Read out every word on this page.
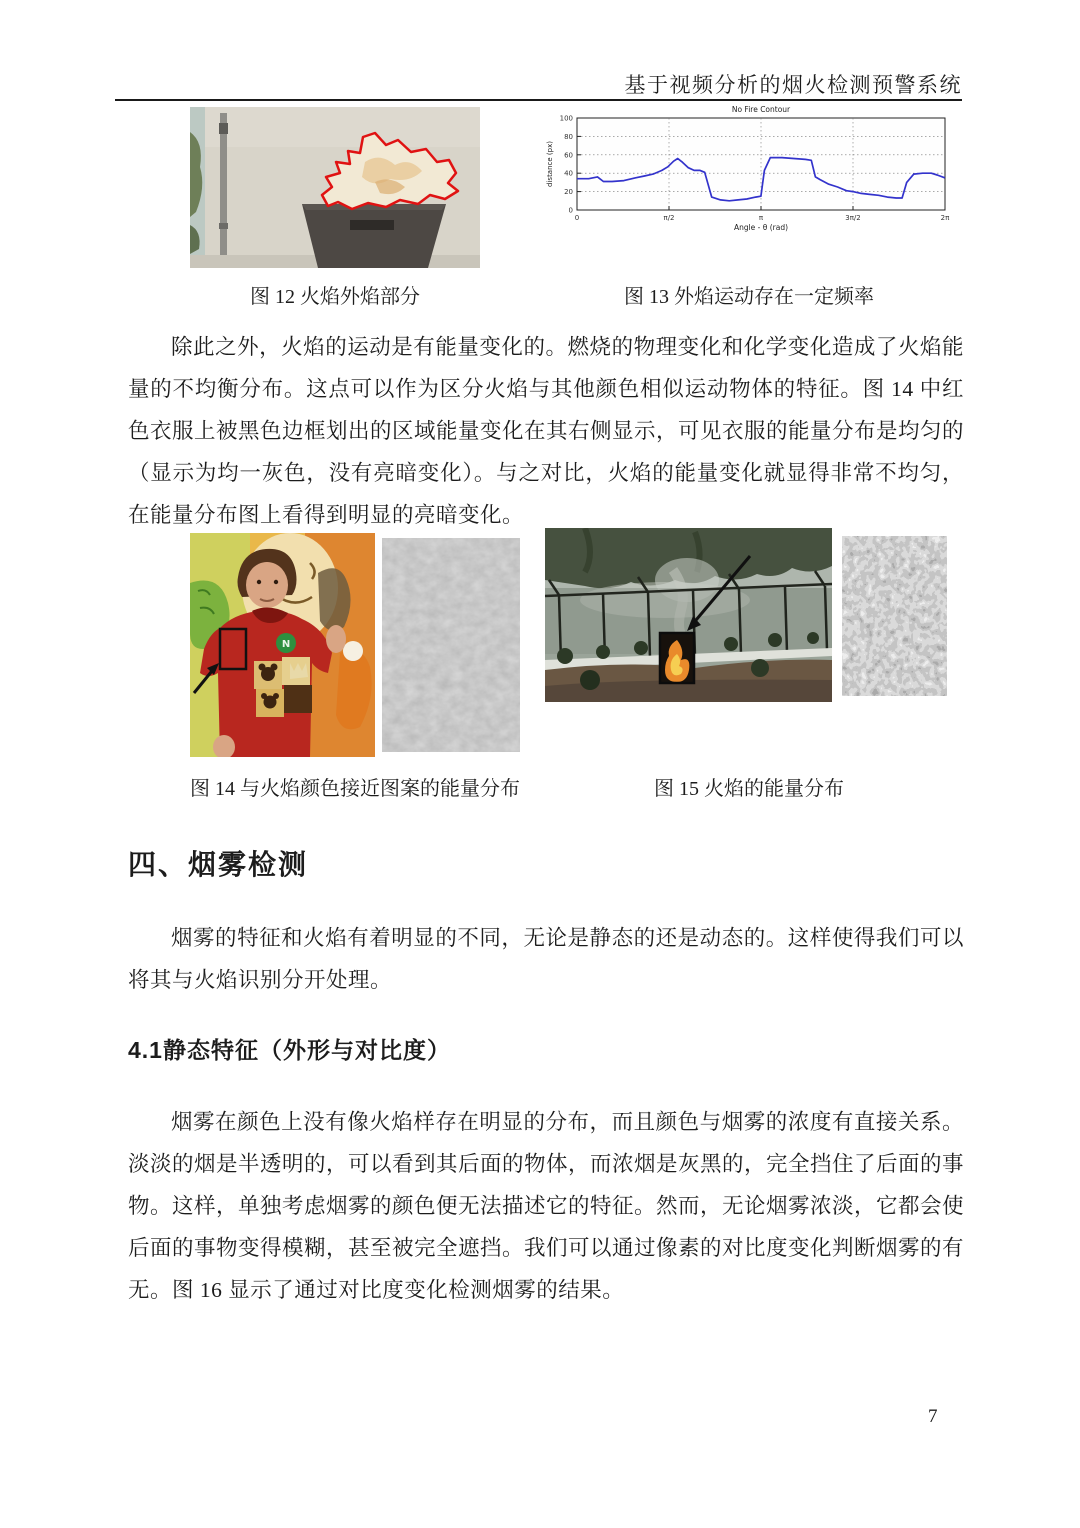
基于视频分析的烟火检测预警系统
0
20
40
60
80
100
0	π/2	π	3π/2	2π
No Fire Contour
Angle - θ (rad)
distance (px)
图 12 火焰外焰部分	图 13 外焰运动存在一定频率

除此之外，火焰的运动是有能量变化的。燃烧的物理变化和化学变化造成了火焰能量的不均衡分布。这点可以作为区分火焰与其他颜色相似运动物体的特征。图 14 中红色衣服上被黑色边框划出的区域能量变化在其右侧显示，可见衣服的能量分布是均匀的（显示为均一灰色，没有亮暗变化）。与之对比，火焰的能量变化就显得非常不均匀，在能量分布图上看得到明显的亮暗变化。

N
图 14 与火焰颜色接近图案的能量分布	图 15 火焰的能量分布
四、烟雾检测

烟雾的特征和火焰有着明显的不同，无论是静态的还是动态的。这样使得我们可以将其与火焰识别分开处理。

4.1静态特征（外形与对比度）

烟雾在颜色上没有像火焰样存在明显的分布，而且颜色与烟雾的浓度有直接关系。淡淡的烟是半透明的，可以看到其后面的物体，而浓烟是灰黑的，完全挡住了后面的事物。这样，单独考虑烟雾的颜色便无法描述它的特征。然而，无论烟雾浓淡，它都会使后面的事物变得模糊，甚至被完全遮挡。我们可以通过像素的对比度变化判断烟雾的有无。图 16 显示了通过对比度变化检测烟雾的结果。

7
